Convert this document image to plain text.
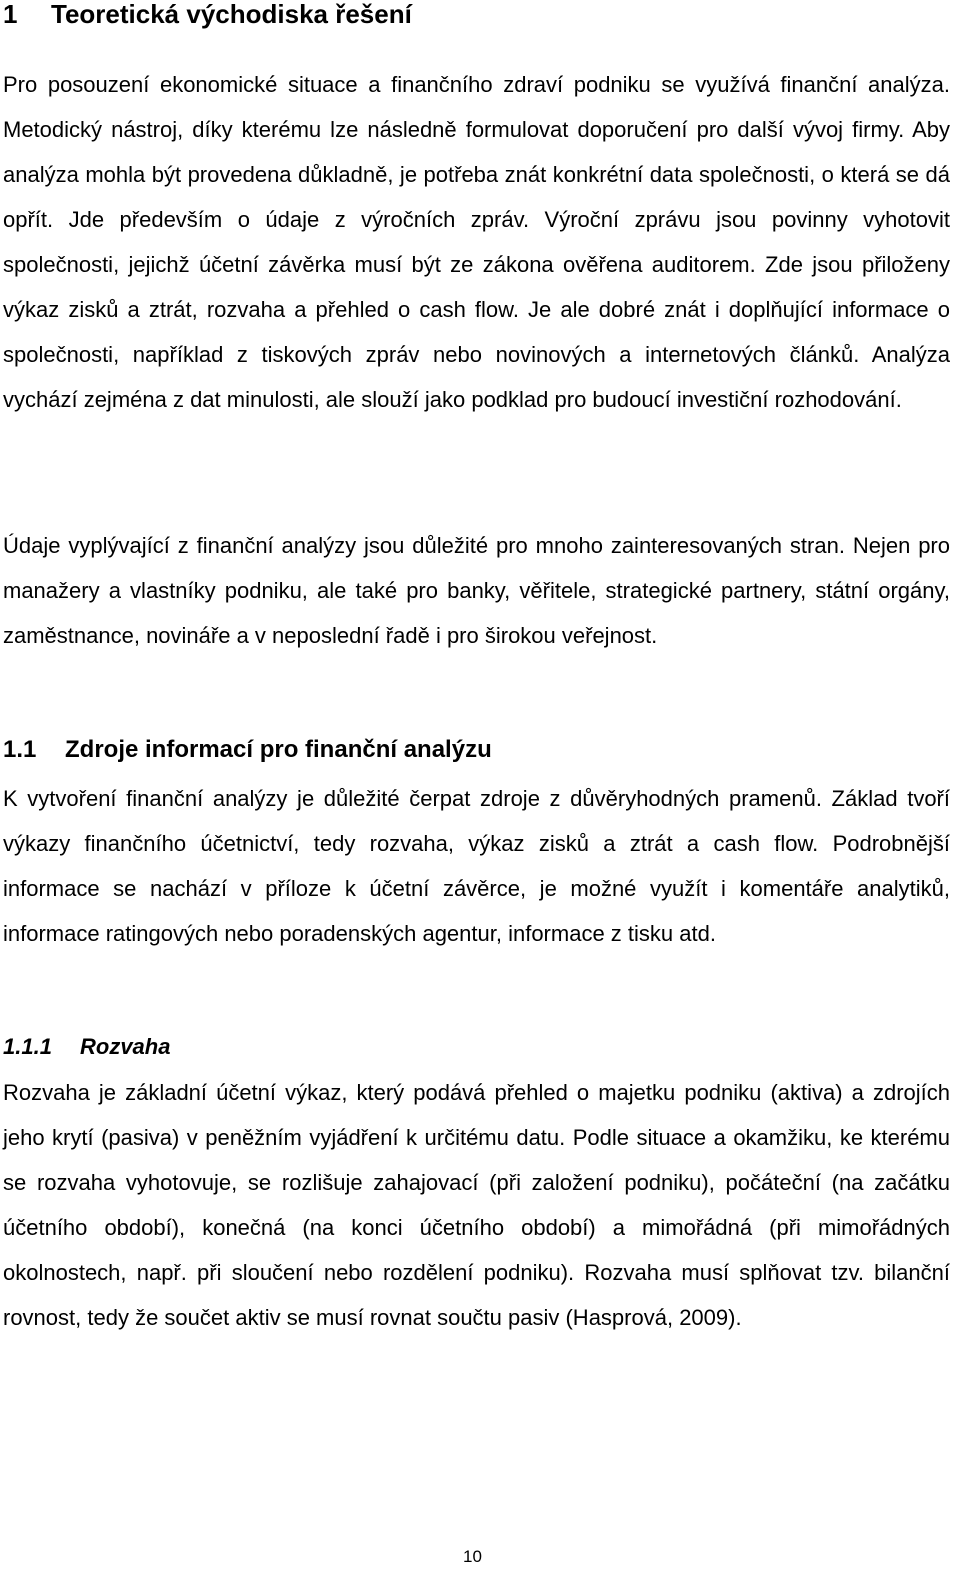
1 Teoretická východiska řešení

Pro posouzení ekonomické situace a finančního zdraví podniku se využívá finanční analýza. Metodický nástroj, díky kterému lze následně formulovat doporučení pro další vývoj firmy. Aby analýza mohla být provedena důkladně, je potřeba znát konkrétní data společnosti, o která se dá opřít. Jde především o údaje z výročních zpráv. Výroční zprávu jsou povinny vyhotovit společnosti, jejichž účetní závěrka musí být ze zákona ověřena auditorem. Zde jsou přiloženy výkaz zisků a ztrát, rozvaha a přehled o cash flow. Je ale dobré znát i doplňující informace o společnosti, například z tiskových zpráv nebo novinových a internetových článků. Analýza vychází zejména z dat minulosti, ale slouží jako podklad pro budoucí investiční rozhodování.

Údaje vyplývající z finanční analýzy jsou důležité pro mnoho zainteresovaných stran. Nejen pro manažery a vlastníky podniku, ale také pro banky, věřitele, strategické partnery, státní orgány, zaměstnance, novináře a v neposlední řadě i pro širokou veřejnost.

1.1 Zdroje informací pro finanční analýzu

K vytvoření finanční analýzy je důležité čerpat zdroje z důvěryhodných pramenů. Základ tvoří výkazy finančního účetnictví, tedy rozvaha, výkaz zisků a ztrát a cash flow. Podrobnější informace se nachází v příloze k účetní závěrce, je možné využít i komentáře analytiků, informace ratingových nebo poradenských agentur, informace z tisku atd.

1.1.1 Rozvaha

Rozvaha je základní účetní výkaz, který podává přehled o majetku podniku (aktiva) a zdrojích jeho krytí (pasiva) v peněžním vyjádření k určitému datu. Podle situace a okamžiku, ke kterému se rozvaha vyhotovuje, se rozlišuje zahajovací (při založení podniku), počáteční (na začátku účetního období), konečná (na konci účetního období) a mimořádná (při mimořádných okolnostech, např. při sloučení nebo rozdělení podniku). Rozvaha musí splňovat tzv. bilanční rovnost, tedy že součet aktiv se musí rovnat součtu pasiv (Hasprová, 2009).

10
